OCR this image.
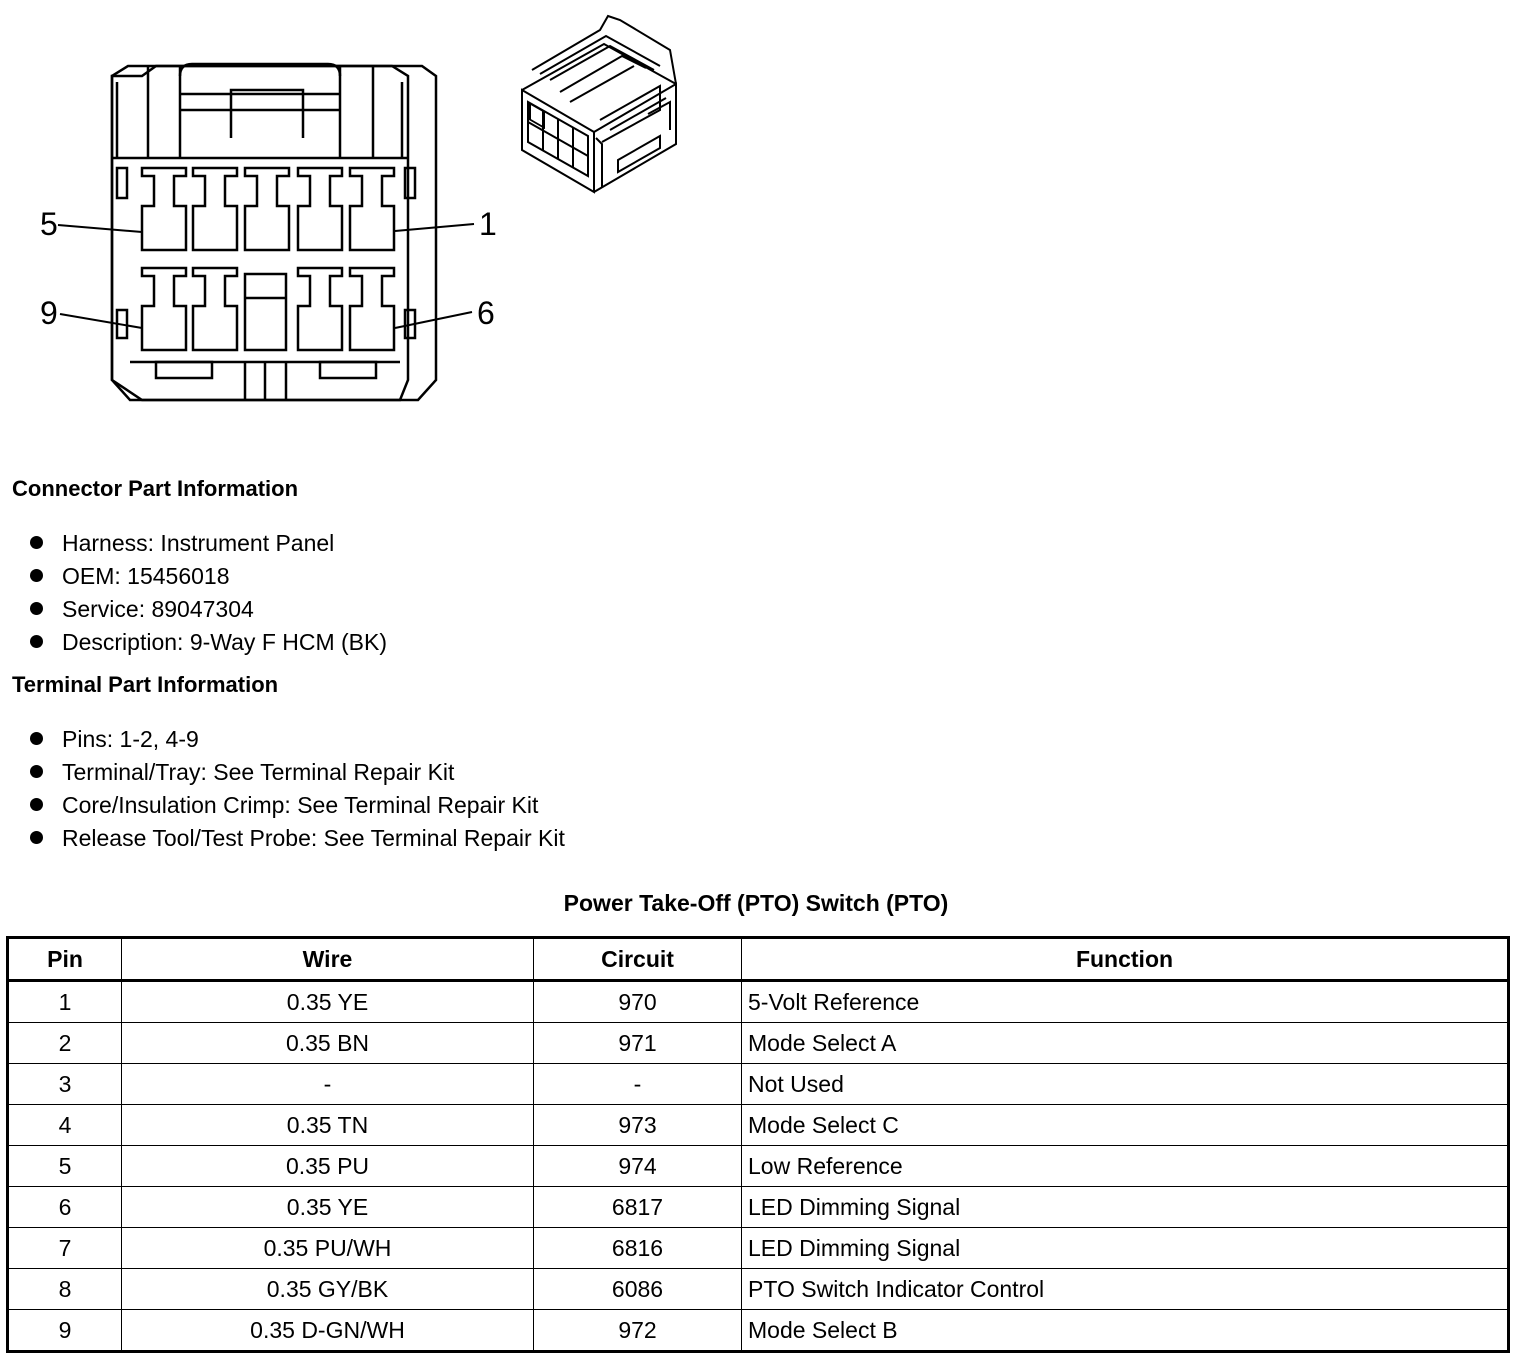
5	1
9	6
Connector Part Information
Harness: Instrument Panel
OEM: 15456018
Service: 89047304
Description: 9-Way F HCM (BK)
Terminal Part Information
Pins: 1-2, 4-9
Terminal/Tray: See Terminal Repair Kit
Core/Insulation Crimp: See Terminal Repair Kit
Release Tool/Test Probe: See Terminal Repair Kit
Power Take-Off (PTO) Switch (PTO)
Pin	Wire	Circuit	Function
1	0.35 YE	970	5-Volt Reference
2	0.35 BN	971	Mode Select A
3	-	-	Not Used
4	0.35 TN	973	Mode Select C
5	0.35 PU	974	Low Reference
6	0.35 YE	6817	LED Dimming Signal
7	0.35 PU/WH	6816	LED Dimming Signal
8	0.35 GY/BK	6086	PTO Switch Indicator Control
9	0.35 D-GN/WH	972	Mode Select B
